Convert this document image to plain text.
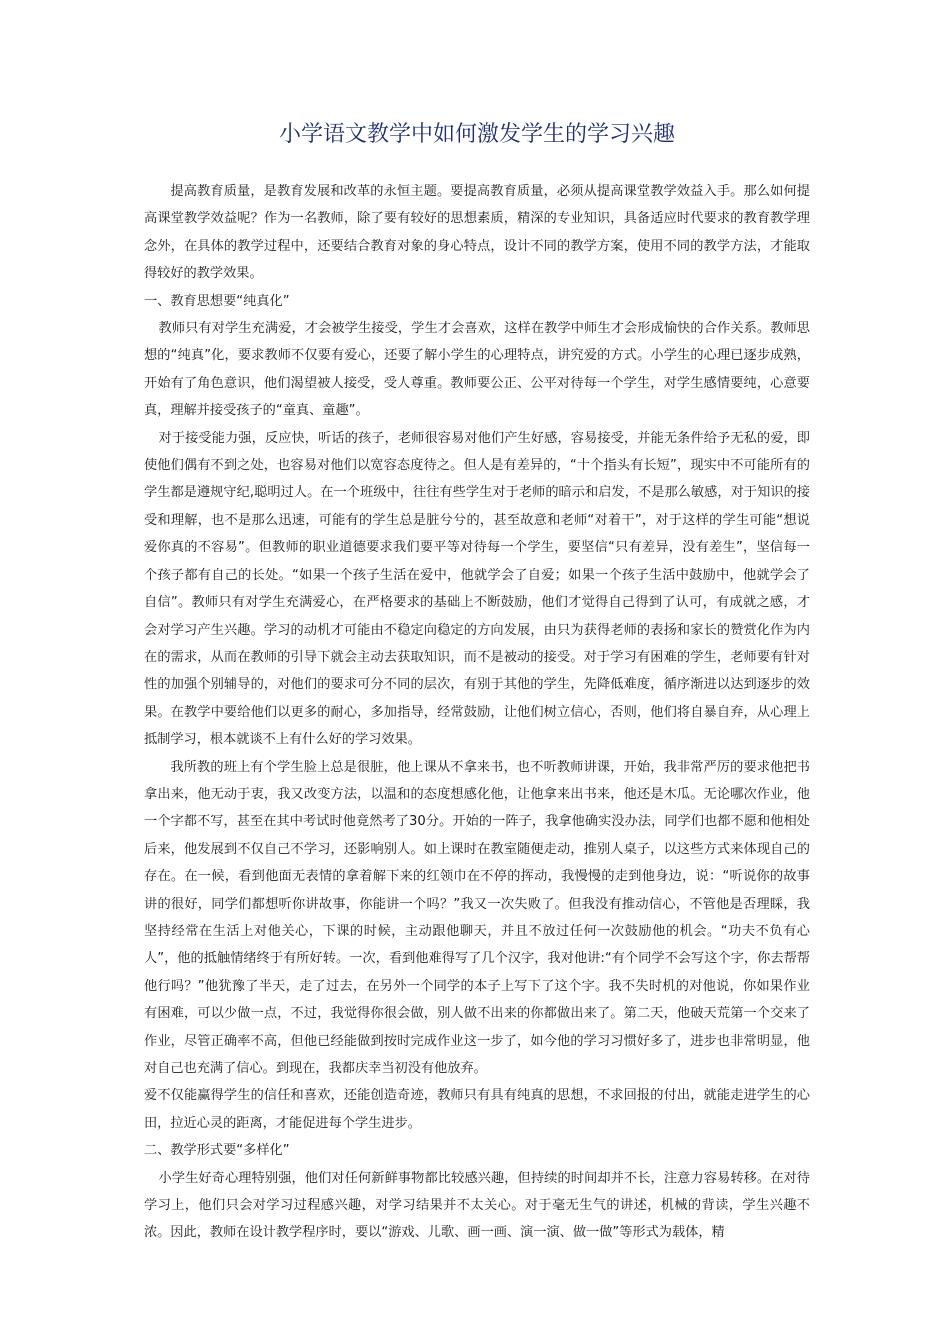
小学语文教学中如何激发学生的学习兴趣

提高教育质量，是教育发展和改革的永恒主题。要提高教育质量，必须从提高课堂教学效益入手。那么如何提高课堂教学效益呢？作为一名教师，除了要有较好的思想素质，精深的专业知识，具备适应时代要求的教育教学理念外，在具体的教学过程中，还要结合教育对象的身心特点，设计不同的教学方案，使用不同的教学方法，才能取得较好的教学效果。

一、教育思想要“纯真化”

教师只有对学生充满爱，才会被学生接受，学生才会喜欢，这样在教学中师生才会形成愉快的合作关系。教师思想的“纯真”化，要求教师不仅要有爱心，还要了解小学生的心理特点，讲究爱的方式。小学生的心理已逐步成熟，开始有了角色意识，他们渴望被人接受，受人尊重。教师要公正、公平对待每一个学生，对学生感情要纯，心意要真，理解并接受孩子的“童真、童趣”。

对于接受能力强，反应快，听话的孩子，老师很容易对他们产生好感，容易接受，并能无条件给予无私的爱，即使他们偶有不到之处，也容易对他们以宽容态度待之。但人是有差异的，“十个指头有长短”，现实中不可能所有的学生都是遵规守纪,聪明过人。在一个班级中，往往有些学生对于老师的暗示和启发，不是那么敏感，对于知识的接受和理解，也不是那么迅速，可能有的学生总是脏兮兮的，甚至故意和老师“对着干”，对于这样的学生可能“想说爱你真的不容易”。但教师的职业道德要求我们要平等对待每一个学生，要坚信“只有差异，没有差生”，坚信每一个孩子都有自己的长处。“如果一个孩子生活在爱中，他就学会了自爱；如果一个孩子生活中鼓励中，他就学会了自信”。教师只有对学生充满爱心，在严格要求的基础上不断鼓励，他们才觉得自己得到了认可，有成就之感，才会对学习产生兴趣。学习的动机才可能由不稳定向稳定的方向发展，由只为获得老师的表扬和家长的赞赏化作为内在的需求，从而在教师的引导下就会主动去获取知识，而不是被动的接受。对于学习有困难的学生，老师要有针对性的加强个别辅导的，对他们的要求可分不同的层次，有别于其他的学生，先降低难度，循序渐进以达到逐步的效果。在教学中要给他们以更多的耐心，多加指导，经常鼓励，让他们树立信心，否则，他们将自暴自弃，从心理上抵制学习，根本就谈不上有什么好的学习效果。

我所教的班上有个学生脸上总是很脏，他上课从不拿来书，也不听教师讲课，开始，我非常严厉的要求他把书拿出来，他无动于衷，我又改变方法，以温和的态度想感化他，让他拿来出书来，他还是木瓜。无论哪次作业，他一个字都不写，甚至在其中考试时他竟然考了30分。开始的一阵子，我拿他确实没办法，同学们也都不愿和他相处后来，他发展到不仅自己不学习，还影响别人。如上课时在教室随便走动，推别人桌子，以这些方式来体现自己的存在。在一候，看到他面无表情的拿着解下来的红领巾在不停的挥动，我慢慢的走到他身边，说：“听说你的故事讲的很好，同学们都想听你讲故事，你能讲一个吗？”我又一次失败了。但我没有推动信心，不管他是否理睬，我坚持经常在生活上对他关心，下课的时候，主动跟他聊天，并且不放过任何一次鼓励他的机会。“功夫不负有心人”，他的抵触情绪终于有所好转。一次，看到他难得写了几个汉字，我对他讲:“有个同学不会写这个字，你去帮帮他行吗？”他犹豫了半天，走了过去，在另外一个同学的本子上写下了这个字。我不失时机的对他说，你如果作业有困难，可以少做一点，不过，我觉得你很会做，别人做不出来的你都做出来了。第二天，他破天荒第一个交来了作业，尽管正确率不高，但他已经能做到按时完成作业这一步了，如今他的学习习惯好多了，进步也非常明显，他对自己也充满了信心。到现在，我都庆幸当初没有他放弃。

爱不仅能赢得学生的信任和喜欢，还能创造奇迹，教师只有具有纯真的思想，不求回报的付出，就能走进学生的心田，拉近心灵的距离，才能促进每个学生进步。

二、教学形式要“多样化”

小学生好奇心理特别强，他们对任何新鲜事物都比较感兴趣，但持续的时间却并不长，注意力容易转移。在对待学习上，他们只会对学习过程感兴趣，对学习结果并不太关心。对于毫无生气的讲述，机械的背读，学生兴趣不浓。因此，教师在设计教学程序时，要以“游戏、儿歌、画一画、演一演、做一做”等形式为载体，精
